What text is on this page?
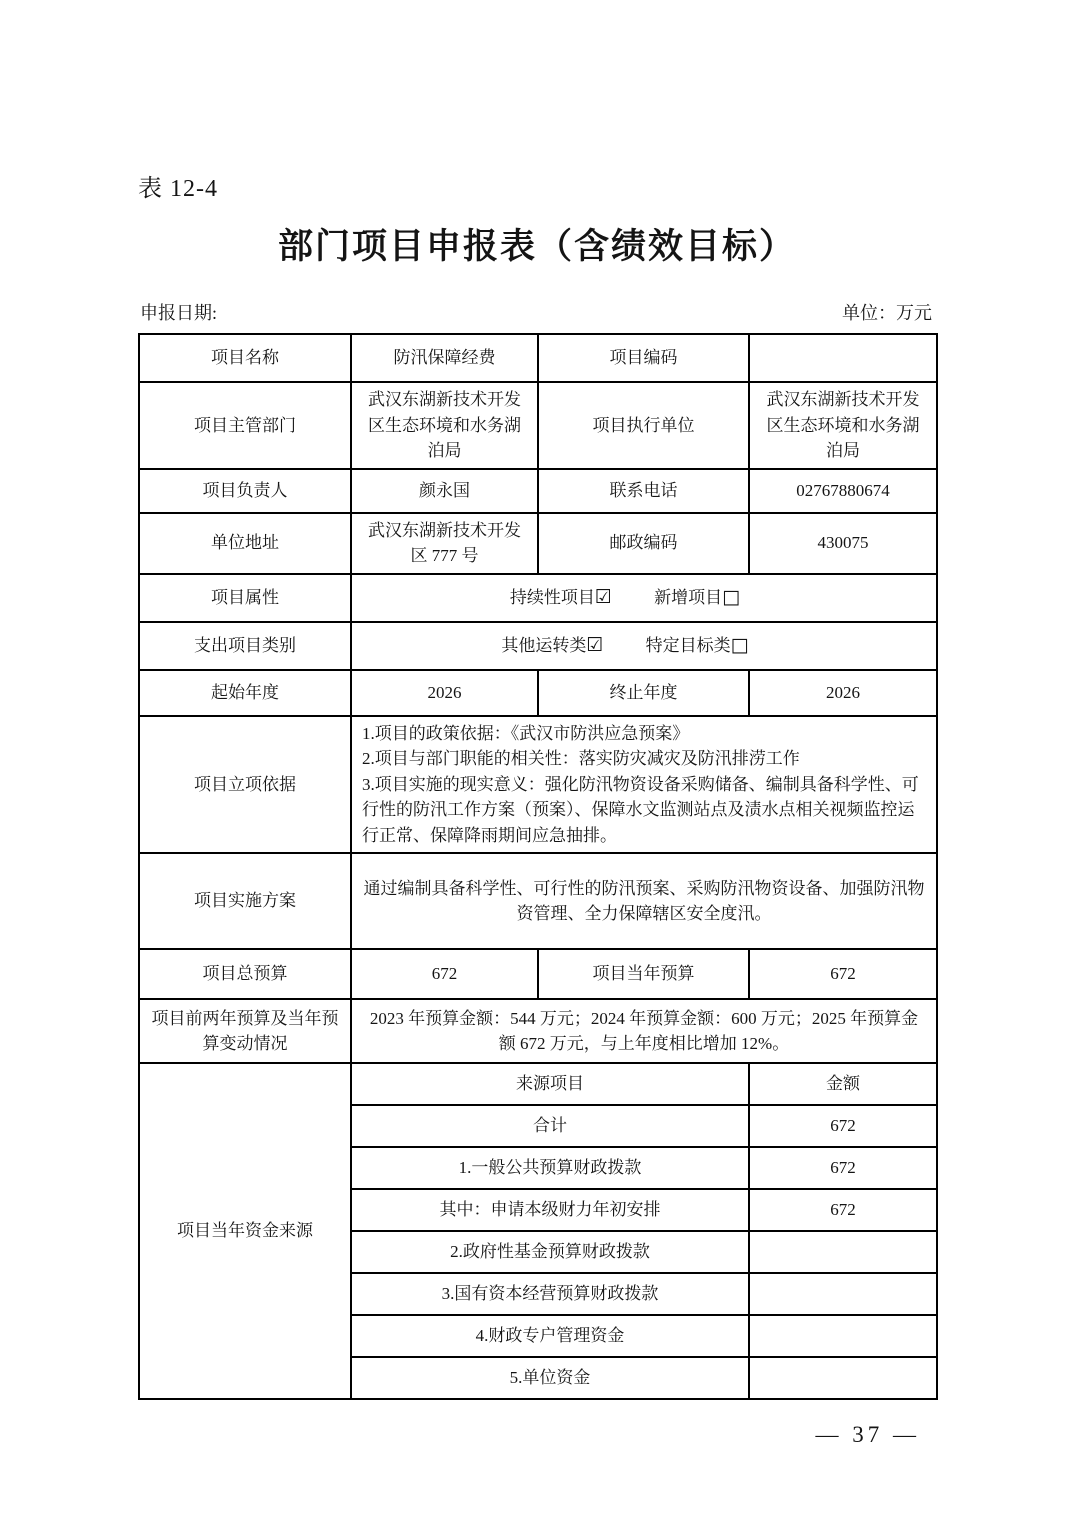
表 12-4
部门项目申报表（含绩效目标）
申报日期:	单位：万元
项目名称	防汛保障经费	项目编码	
项目主管部门	武汉东湖新技术开发区生态环境和水务湖泊局	项目执行单位	武汉东湖新技术开发区生态环境和水务湖泊局
项目负责人	颜永国	联系电话	02767880674
单位地址	武汉东湖新技术开发区 777 号	邮政编码	430075
项目属性	持续性项目☑ 新增项目□		
支出项目类别	其他运转类☑ 特定目标类□		
起始年度	2026	终止年度	2026
项目立项依据	1.项目的政策依据：《武汉市防洪应急预案》
2.项目与部门职能的相关性：落实防灾减灾及防汛排涝工作
3.项目实施的现实意义：强化防汛物资设备采购储备、编制具备科学性、可行性的防汛工作方案（预案）、保障水文监测站点及渍水点相关视频监控运行正常、保障降雨期间应急抽排。		

项目实施方案	通过编制具备科学性、可行性的防汛预案、采购防汛物资设备、加强防汛物资管理、全力保障辖区安全度汛。		
项目总预算	672	项目当年预算	672
项目前两年预算及当年预算变动情况	2023 年预算金额：544 万元；2024 年预算金额：600 万元；2025 年预算金额 672 万元，与上年度相比增加 12%。		
项目当年资金来源	来源项目		金额
	合计		672
	1.一般公共预算财政拨款		672
	其中：申请本级财力年初安排		672
	2.政府性基金预算财政拨款		
	3.国有资本经营预算财政拨款		
	4.财政专户管理资金		
	5.单位资金		
— 37 —
